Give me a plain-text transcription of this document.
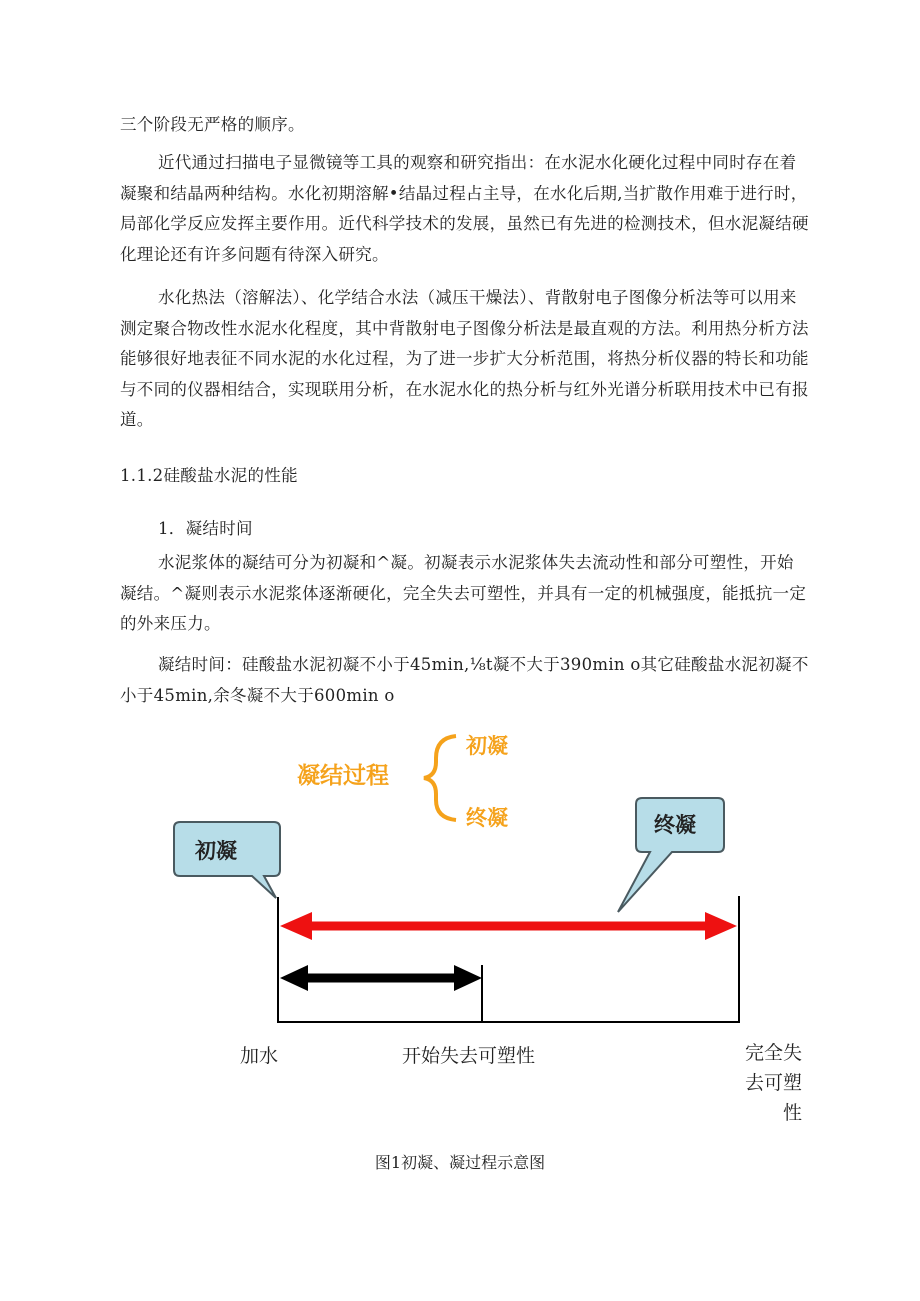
三个阶段无严格的顺序。

近代通过扫描电子显微镜等工具的观察和研究指出：在水泥水化硬化过程中同时存在着凝聚和结晶两种结构。水化初期溶解•结晶过程占主导，在水化后期,当扩散作用难于进行时，局部化学反应发挥主要作用。近代科学技术的发展，虽然已有先进的检测技术，但水泥凝结硬化理论还有许多问题有待深入研究。

水化热法（溶解法）、化学结合水法（减压干燥法）、背散射电子图像分析法等可以用来测定聚合物改性水泥水化程度，其中背散射电子图像分析法是最直观的方法。利用热分析方法能够很好地表征不同水泥的水化过程，为了进一步扩大分析范围，将热分析仪器的特长和功能与不同的仪器相结合，实现联用分析，在水泥水化的热分析与红外光谱分析联用技术中已有报道。

1.1.2硅酸盐水泥的性能

1．凝结时间

水泥浆体的凝结可分为初凝和^凝。初凝表示水泥浆体失去流动性和部分可塑性，开始凝结。^凝则表示水泥浆体逐渐硬化，完全失去可塑性，并具有一定的机械强度，能抵抗一定的外来压力。

凝结时间：硅酸盐水泥初凝不小于45min,⅛t凝不大于390min o其它硅酸盐水泥初凝不小于45min,余冬凝不大于600min o

凝结过程
初凝
终凝
初凝
终凝
加水	开始失去可塑性	完全失
去可塑
性
图1初凝、凝过程示意图
